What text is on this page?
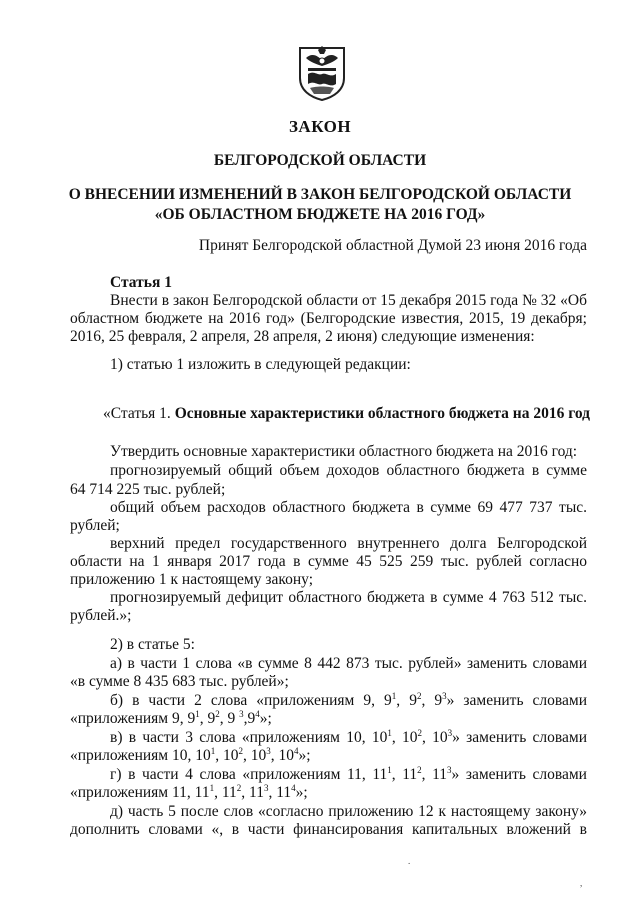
ЗАКОН
БЕЛГОРОДСКОЙ ОБЛАСТИ
О ВНЕСЕНИИ ИЗМЕНЕНИЙ В ЗАКОН БЕЛГОРОДСКОЙ ОБЛАСТИ
«ОБ ОБЛАСТНОМ БЮДЖЕТЕ НА 2016 ГОД»
Принят Белгородской областной Думой 23 июня 2016 года
Статья 1
Внести в закон Белгородской области от 15 декабря 2015 года № 32 «Об
областном бюджете на 2016 год» (Белгородские известия, 2015, 19 декабря;
2016, 25 февраля, 2 апреля, 28 апреля, 2 июня) следующие изменения:
1) статью 1 изложить в следующей редакции:
«Статья 1. Основные характеристики областного бюджета на 2016 год
Утвердить основные характеристики областного бюджета на 2016 год:
прогнозируемый общий объем доходов областного бюджета в сумме
64 714 225 тыс. рублей;
общий объем расходов областного бюджета в сумме 69 477 737 тыс.
рублей;
верхний предел государственного внутреннего долга Белгородской
области на 1 января 2017 года в сумме 45 525 259 тыс. рублей согласно
приложению 1 к настоящему закону;
прогнозируемый дефицит областного бюджета в сумме 4 763 512 тыс.
рублей.»;
2) в статье 5:
а) в части 1 слова «в сумме 8 442 873 тыс. рублей» заменить словами
«в сумме 8 435 683 тыс. рублей»;
б) в части 2 слова «приложениям 9, $9^1$, $9^2$, $9^3$» заменить словами
«приложениям 9, $9^1$, $9^2$, 9 $^3,9^4$»;
в) в части 3 слова «приложениям 10, $10^1$, $10^2$, $10^3$» заменить словами
«приложениям 10, $10^1$, $10^2$, $10^3$, $10^4$»;
г) в части 4 слова «приложениям 11, $11^1$, $11^2$, $11^3$» заменить словами
«приложениям 11, $11^1$, $11^2$, $11^3$, $11^4$»;
д) часть 5 после слов «согласно приложению 12 к настоящему закону»
дополнить словами «, в части финансирования капитальных вложений в
,
.
